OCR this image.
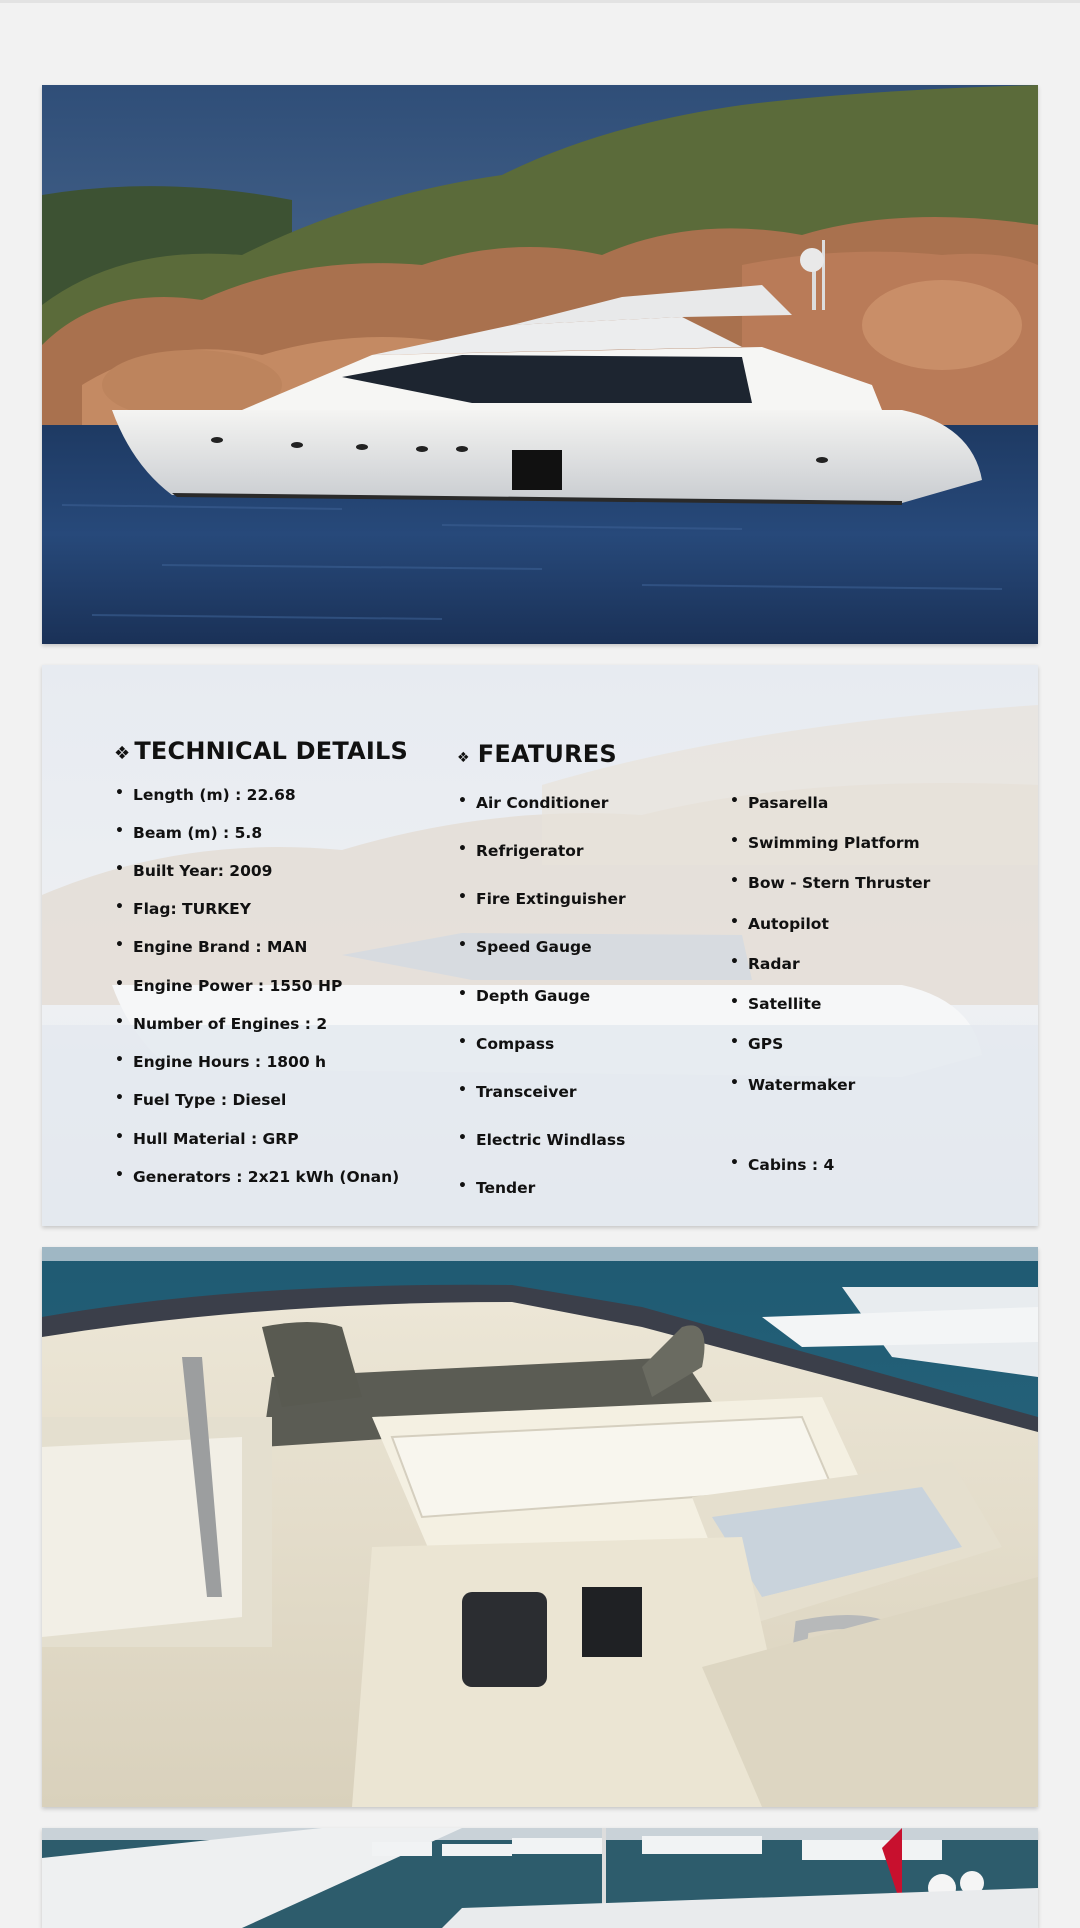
❖ TECHNICAL DETAILS
• Length (m) : 22.68
• Beam (m) : 5.8
• Built Year: 2009
• Flag: TURKEY
• Engine Brand : MAN
• Engine Power : 1550 HP
• Number of Engines : 2
• Engine Hours : 1800 h
• Fuel Type : Diesel
• Hull Material : GRP
• Generators : 2x21 kWh (Onan)
❖ FEATURES
• Air Conditioner
• Refrigerator
• Fire Extinguisher
• Speed Gauge
• Depth Gauge
• Compass
• Transceiver
• Electric Windlass
• Tender
• Pasarella
• Swimming Platform
• Bow - Stern Thruster
• Autopilot
• Radar
• Satellite
• GPS
• Watermaker
• Cabins : 4
